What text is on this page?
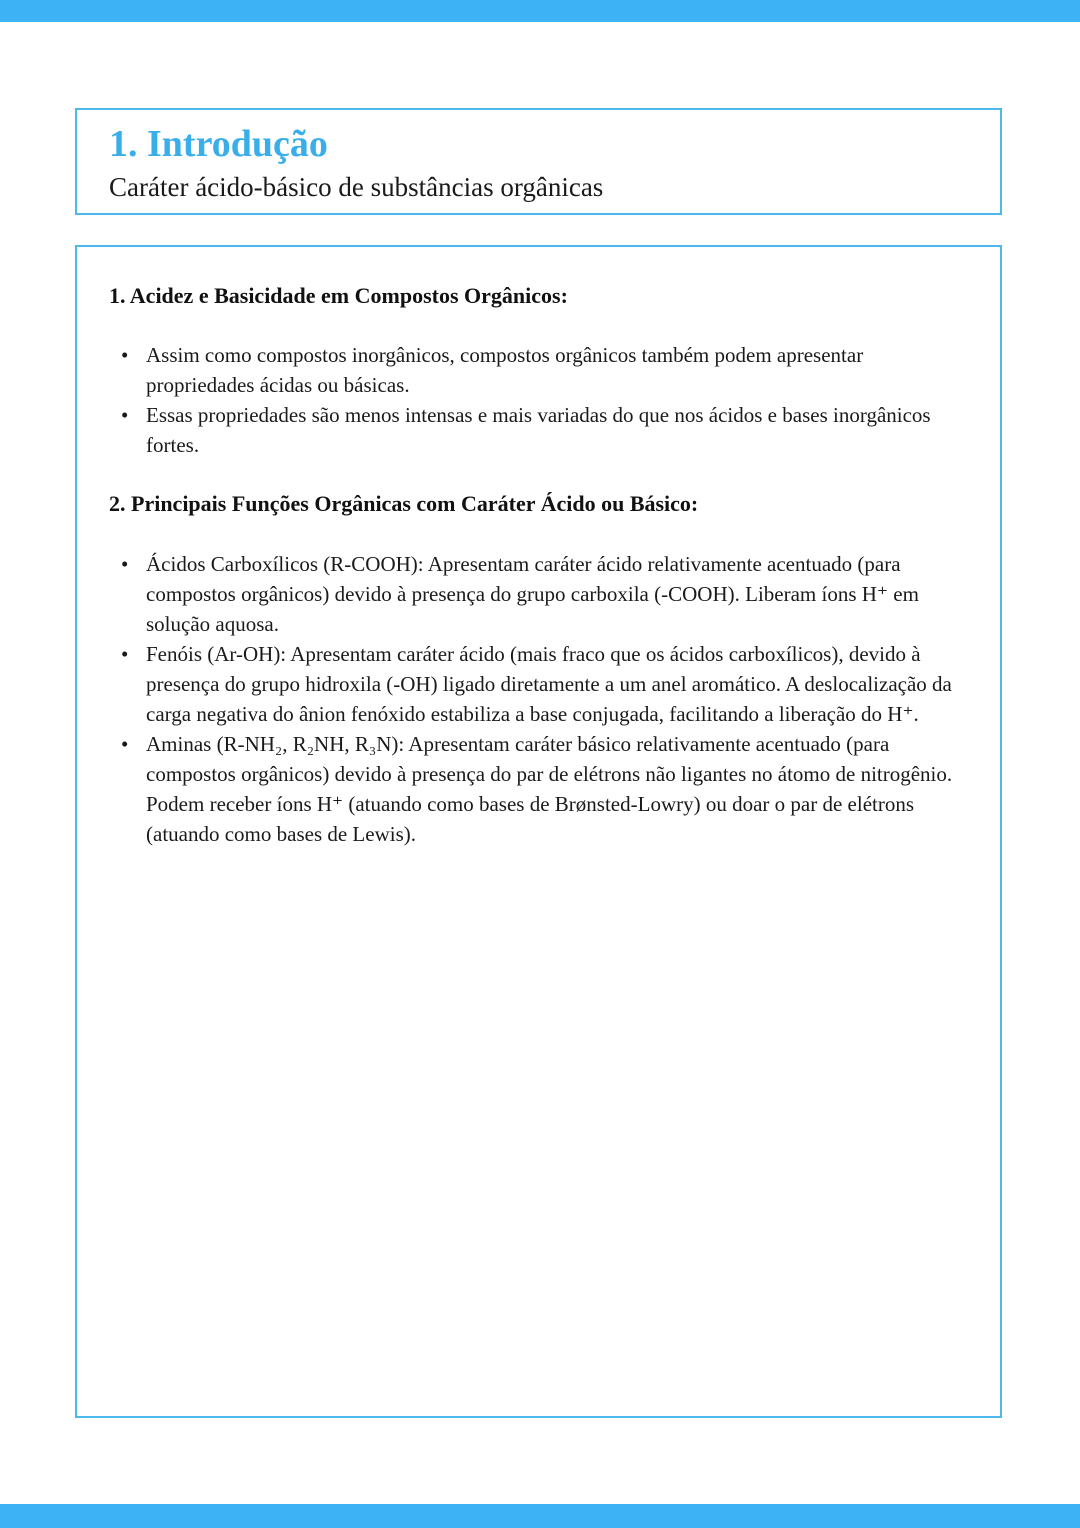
1. Introdução

Caráter ácido-básico de substâncias orgânicas

1. Acidez e Basicidade em Compostos Orgânicos:
• Assim como compostos inorgânicos, compostos orgânicos também podem apresentar propriedades ácidas ou básicas.
• Essas propriedades são menos intensas e mais variadas do que nos ácidos e bases inorgânicos fortes.
2. Principais Funções Orgânicas com Caráter Ácido ou Básico:
• Ácidos Carboxílicos (R-COOH): Apresentam caráter ácido relativamente acentuado (para compostos orgânicos) devido à presença do grupo carboxila (-COOH). Liberam íons H⁺ em solução aquosa.
• Fenóis (Ar-OH): Apresentam caráter ácido (mais fraco que os ácidos carboxílicos), devido à presença do grupo hidroxila (-OH) ligado diretamente a um anel aromático. A deslocalização da carga negativa do ânion fenóxido estabiliza a base conjugada, facilitando a liberação do H⁺.
• Aminas (R-NH₂, R₂NH, R₃N): Apresentam caráter básico relativamente acentuado (para compostos orgânicos) devido à presença do par de elétrons não ligantes no átomo de nitrogênio. Podem receber íons H⁺ (atuando como bases de Brønsted-Lowry) ou doar o par de elétrons (atuando como bases de Lewis).
